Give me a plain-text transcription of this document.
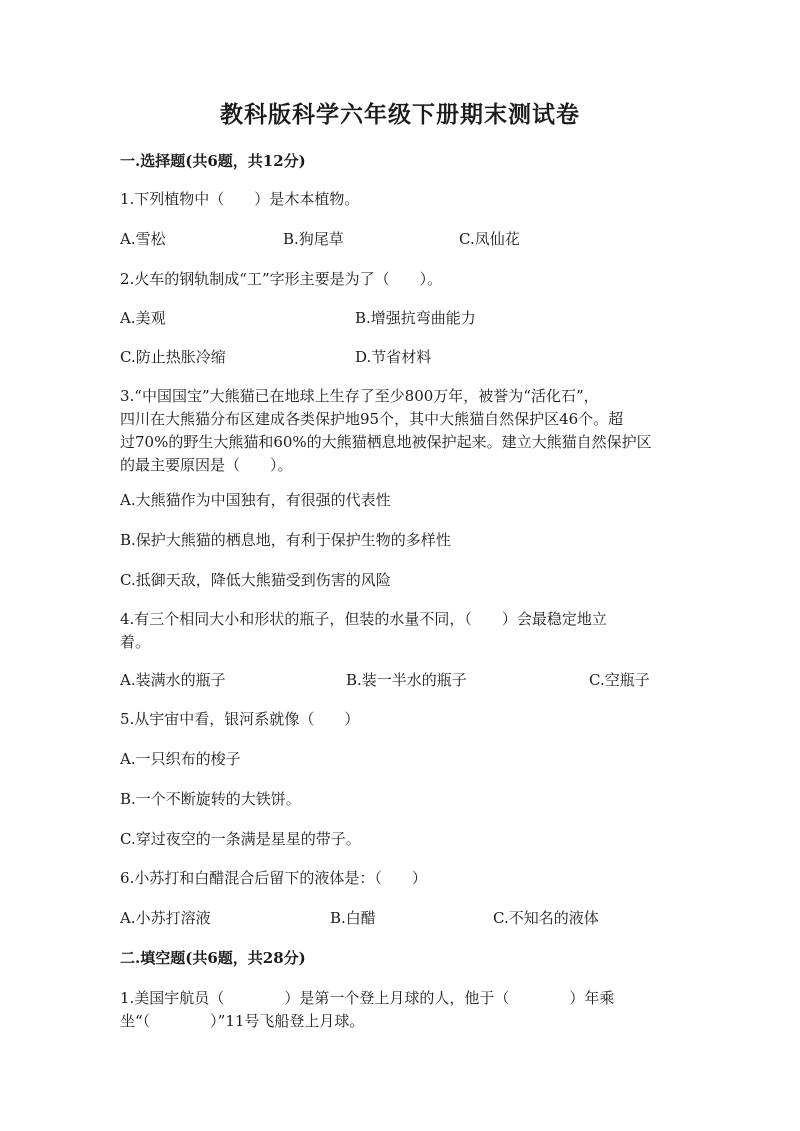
教科版科学六年级下册期末测试卷
一.选择题(共6题，共12分)
1.下列植物中（　　）是木本植物。
A.雪松	B.狗尾草	C.凤仙花
2.火车的钢轨制成“工”字形主要是为了（　　）。
A.美观	B.增强抗弯曲能力
C.防止热胀冷缩	D.节省材料
3.“中国国宝”大熊猫已在地球上生存了至少800万年，被誉为“活化石”，
四川在大熊猫分布区建成各类保护地95个，其中大熊猫自然保护区46个。超
过70%的野生大熊猫和60%的大熊猫栖息地被保护起来。建立大熊猫自然保护区
的最主要原因是（　　）。
A.大熊猫作为中国独有，有很强的代表性
B.保护大熊猫的栖息地，有利于保护生物的多样性
C.抵御天敌，降低大熊猫受到伤害的风险
4.有三个相同大小和形状的瓶子，但装的水量不同，（　　）会最稳定地立
着。
A.装满水的瓶子	B.装一半水的瓶子	C.空瓶子
5.从宇宙中看，银河系就像（　　）
A.一只织布的梭子
B.一个不断旋转的大铁饼。
C.穿过夜空的一条满是星星的带子。
6.小苏打和白醋混合后留下的液体是：（　　）
A.小苏打溶液	B.白醋	C.不知名的液体
二.填空题(共6题，共28分)
1.美国宇航员（　　　　）是第一个登上月球的人，他于（　　　　）年乘
坐“（　　　　）”11号飞船登上月球。
